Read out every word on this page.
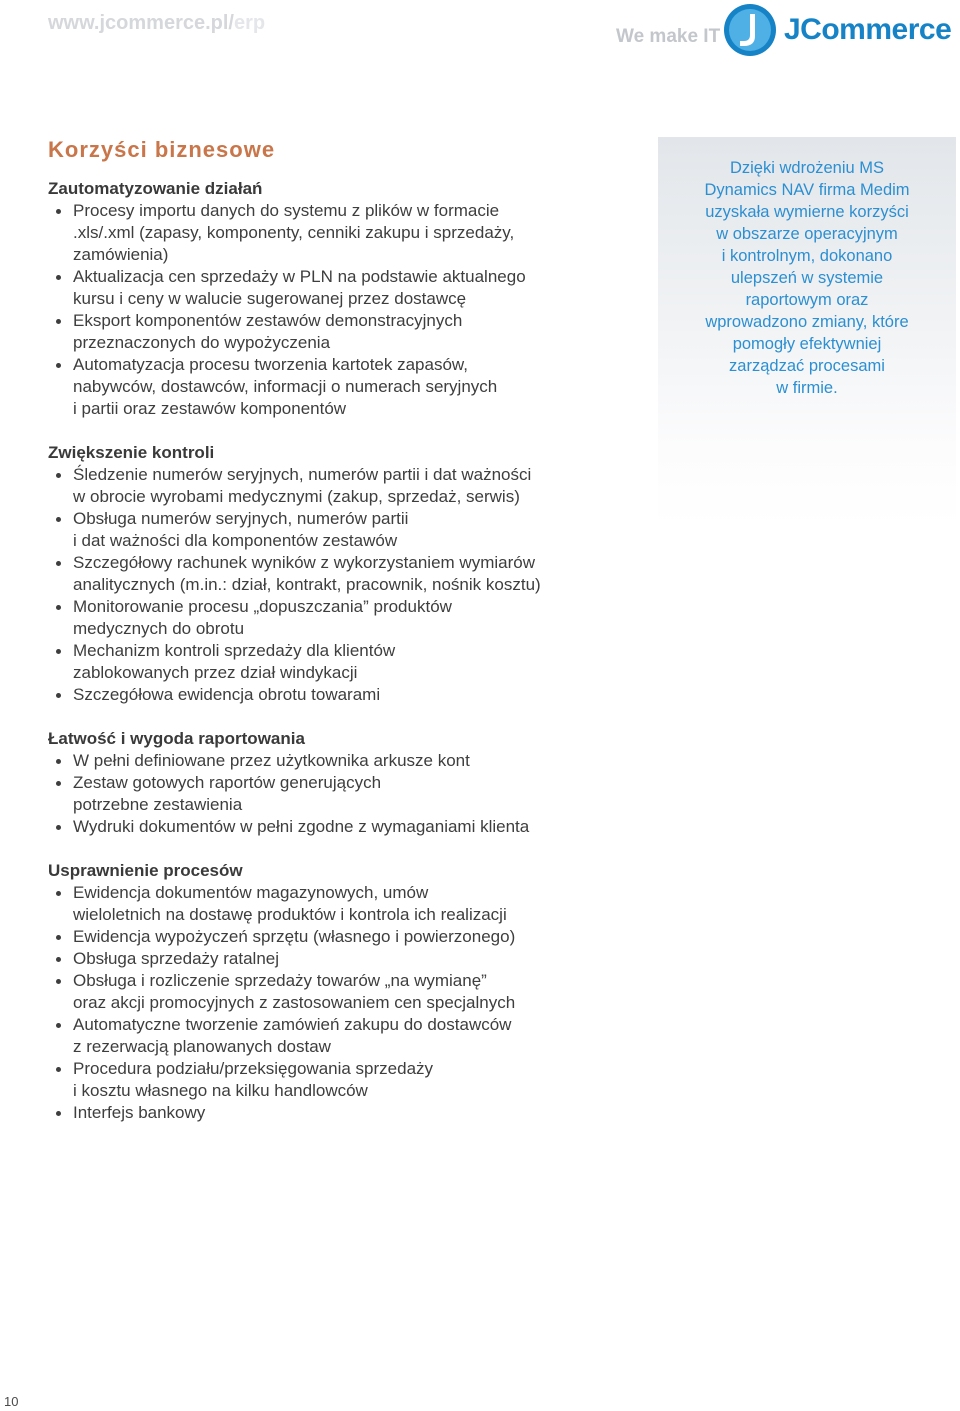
www.jcommerce.pl/erp
We make IT JCommerce
Korzyści biznesowe
Zautomatyzowanie działań
Procesy importu danych do systemu z plików w formacie
.xls/.xml (zapasy, komponenty, cenniki zakupu i sprzedaży,
zamówienia)
Aktualizacja cen sprzedaży w PLN na podstawie aktualnego
kursu i ceny w walucie sugerowanej przez dostawcę
Eksport komponentów zestawów demonstracyjnych
przeznaczonych do wypożyczenia
Automatyzacja procesu tworzenia kartotek zapasów,
nabywców, dostawców, informacji o numerach seryjnych
i partii oraz zestawów komponentów
Zwiększenie kontroli
Śledzenie numerów seryjnych, numerów partii i dat ważności
w obrocie wyrobami medycznymi (zakup, sprzedaż, serwis)
Obsługa numerów seryjnych, numerów partii
i dat ważności dla komponentów zestawów
Szczegółowy rachunek wyników z wykorzystaniem wymiarów
analitycznych (m.in.: dział, kontrakt, pracownik, nośnik kosztu)
Monitorowanie procesu „dopuszczania” produktów
medycznych do obrotu
Mechanizm kontroli sprzedaży dla klientów
zablokowanych przez dział windykacji
Szczegółowa ewidencja obrotu towarami
Łatwość i wygoda raportowania
W pełni definiowane przez użytkownika arkusze kont
Zestaw gotowych raportów generujących
potrzebne zestawienia
Wydruki dokumentów w pełni zgodne z wymaganiami klienta
Usprawnienie procesów
Ewidencja dokumentów magazynowych, umów
wieloletnich na dostawę produktów i kontrola ich realizacji
Ewidencja wypożyczeń sprzętu (własnego i powierzonego)
Obsługa sprzedaży ratalnej
Obsługa i rozliczenie sprzedaży towarów „na wymianę”
oraz akcji promocyjnych z zastosowaniem cen specjalnych
Automatyczne tworzenie zamówień zakupu do dostawców
z rezerwacją planowanych dostaw
Procedura podziału/przeksięgowania sprzedaży
i kosztu własnego na kilku handlowców
Interfejs bankowy
Dzięki wdrożeniu MS
Dynamics NAV firma Medim
uzyskała wymierne korzyści
w obszarze operacyjnym
i kontrolnym, dokonano
ulepszeń w systemie
raportowym oraz
wprowadzono zmiany, które
pomogły efektywniej
zarządzać procesami
w firmie.
10
